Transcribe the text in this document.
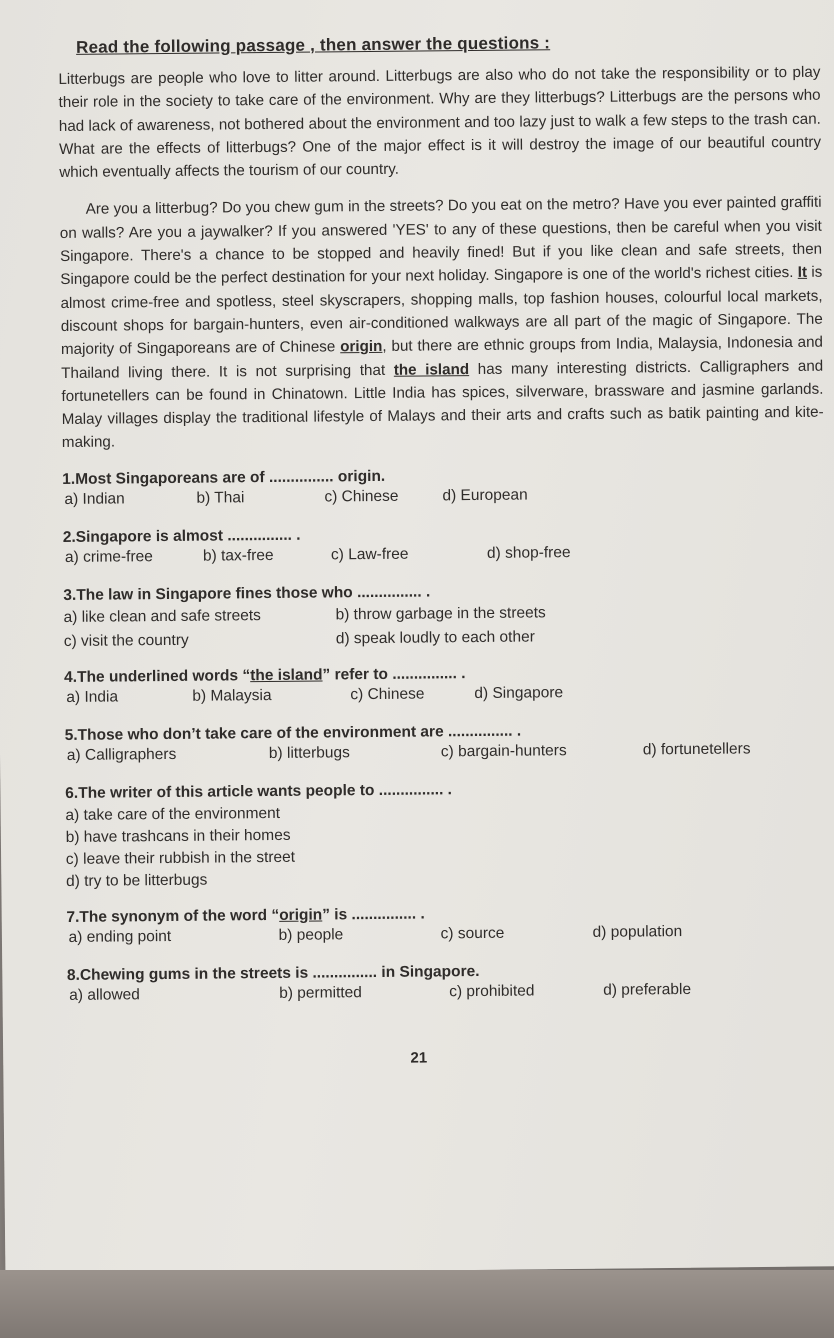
Read the following passage , then answer the questions :

Litterbugs are people who love to litter around. Litterbugs are also who do not take the responsibility or to play their role in the society to take care of the environment. Why are they litterbugs? Litterbugs are the persons who had lack of awareness, not bothered about the environment and too lazy just to walk a few steps to the trash can. What are the effects of litterbugs? One of the major effect is it will destroy the image of our beautiful country which eventually affects the tourism of our country.

Are you a litterbug? Do you chew gum in the streets? Do you eat on the metro? Have you ever painted graffiti on walls? Are you a jaywalker? If you answered 'YES' to any of these questions, then be careful when you visit Singapore. There's a chance to be stopped and heavily fined! But if you like clean and safe streets, then Singapore could be the perfect destination for your next holiday. Singapore is one of the world's richest cities. It is almost crime-free and spotless, steel skyscrapers, shopping malls, top fashion houses, colourful local markets, discount shops for bargain-hunters, even air-conditioned walkways are all part of the magic of Singapore. The majority of Singaporeans are of Chinese origin, but there are ethnic groups from India, Malaysia, Indonesia and Thailand living there. It is not surprising that the island has many interesting districts. Calligraphers and fortunetellers can be found in Chinatown. Little India has spices, silverware, brassware and jasmine garlands. Malay villages display the traditional lifestyle of Malays and their arts and crafts such as batik painting and kite-making.

1.Most Singaporeans are of ............... origin.
a) Indian	b) Thai	c) Chinese	d) European
2.Singapore is almost ............... .
a) crime-free	b) tax-free	c) Law-free	d) shop-free
3.The law in Singapore fines those who ............... .
a) like clean and safe streets	b) throw garbage in the streets
c) visit the country	d) speak loudly to each other
4.The underlined words “the island” refer to ............... .
a) India	b) Malaysia	c) Chinese	d) Singapore
5.Those who don’t take care of the environment are ............... .
a) Calligraphers	b) litterbugs	c) bargain-hunters	d) fortunetellers
6.The writer of this article wants people to ............... .
a) take care of the environment
b) have trashcans in their homes
c) leave their rubbish in the street
d) try to be litterbugs
7.The synonym of the word “origin” is ............... .
a) ending point	b) people	c) source	d) population
8.Chewing gums in the streets is ............... in Singapore.
a) allowed	b) permitted	c) prohibited	d) preferable
21
